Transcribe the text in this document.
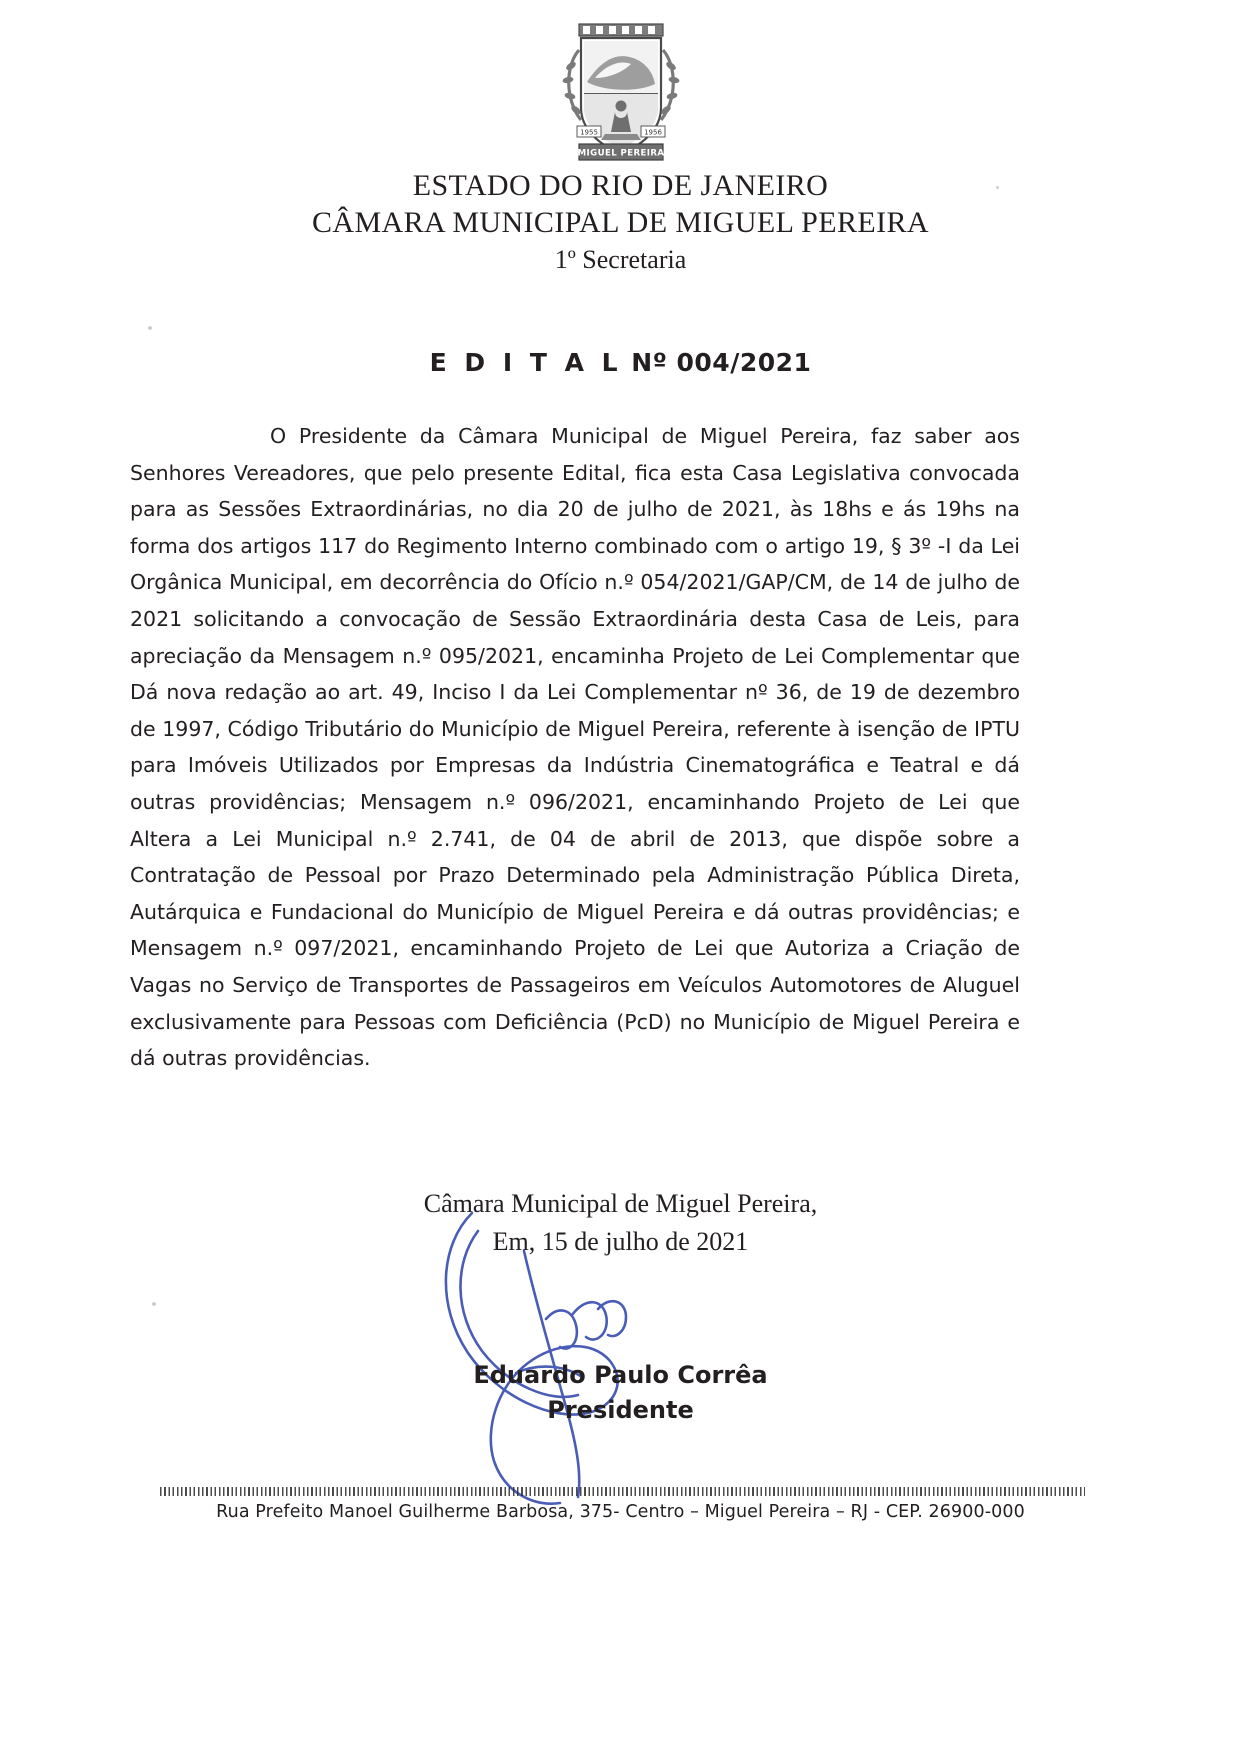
1955	1956
MIGUEL PEREIRA
ESTADO DO RIO DE JANEIRO
CÂMARA MUNICIPAL DE MIGUEL PEREIRA
1º Secretaria
E D I T A L Nº 004/2021
O Presidente da Câmara Municipal de Miguel Pereira, faz saber aos Senhores Vereadores, que pelo presente Edital, fica esta Casa Legislativa convocada para as Sessões Extraordinárias, no dia 20 de julho de 2021, às 18hs e ás 19hs na forma dos artigos 117 do Regimento Interno combinado com o artigo 19, § 3º -I da Lei Orgânica Municipal, em decorrência do Ofício n.º 054/2021/GAP/CM, de 14 de julho de 2021 solicitando a convocação de Sessão Extraordinária desta Casa de Leis, para apreciação da Mensagem n.º 095/2021, encaminha Projeto de Lei Complementar que Dá nova redação ao art. 49, Inciso I da Lei Complementar nº 36, de 19 de dezembro de 1997, Código Tributário do Município de Miguel Pereira, referente à isenção de IPTU para Imóveis Utilizados por Empresas da Indústria Cinematográfica e Teatral e dá outras providências; Mensagem n.º 096/2021, encaminhando Projeto de Lei que Altera a Lei Municipal n.º 2.741, de 04 de abril de 2013, que dispõe sobre a Contratação de Pessoal por Prazo Determinado pela Administração Pública Direta, Autárquica e Fundacional do Município de Miguel Pereira e dá outras providências; e Mensagem n.º 097/2021, encaminhando Projeto de Lei que Autoriza a Criação de Vagas no Serviço de Transportes de Passageiros em Veículos Automotores de Aluguel exclusivamente para Pessoas com Deficiência (PcD) no Município de Miguel Pereira e dá outras providências.
Câmara Municipal de Miguel Pereira,
Em, 15 de julho de 2021
Eduardo Paulo Corrêa
Presidente
Rua Prefeito Manoel Guilherme Barbosa, 375- Centro – Miguel Pereira – RJ - CEP. 26900-000
